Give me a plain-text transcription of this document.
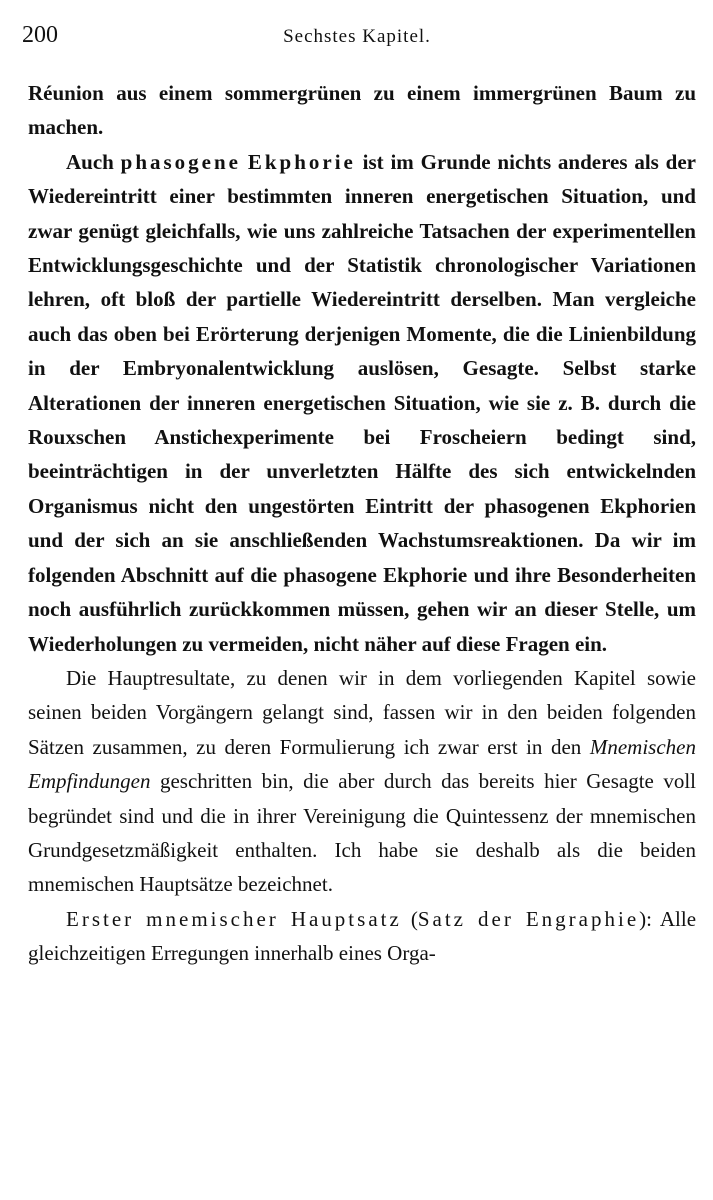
200	Sechstes Kapitel.

Réunion aus einem sommergrünen zu einem immergrünen Baum zu machen.

Auch phasogene Ekphorie ist im Grunde nichts anderes als der Wiedereintritt einer bestimmten inneren energetischen Situation, und zwar genügt gleichfalls, wie uns zahlreiche Tatsachen der experimentellen Entwicklungsgeschichte und der Statistik chronologischer Variationen lehren, oft bloß der partielle Wiedereintritt derselben. Man vergleiche auch das oben bei Erörterung derjenigen Momente, die die Linienbildung in der Embryonalentwicklung auslösen, Gesagte. Selbst starke Alterationen der inneren energetischen Situation, wie sie z. B. durch die Rouxschen Anstichexperimente bei Froscheiern bedingt sind, beeinträchtigen in der unverletzten Hälfte des sich entwickelnden Organismus nicht den ungestörten Eintritt der phasogenen Ekphorien und der sich an sie anschließenden Wachstumsreaktionen. Da wir im folgenden Abschnitt auf die phasogene Ekphorie und ihre Besonderheiten noch ausführlich zurückkommen müssen, gehen wir an dieser Stelle, um Wiederholungen zu vermeiden, nicht näher auf diese Fragen ein.

Die Hauptresultate, zu denen wir in dem vorliegenden Kapitel sowie seinen beiden Vorgängern gelangt sind, fassen wir in den beiden folgenden Sätzen zusammen, zu deren Formulierung ich zwar erst in den Mnemischen Empfindungen geschritten bin, die aber durch das bereits hier Gesagte voll begründet sind und die in ihrer Vereinigung die Quintessenz der mnemischen Grundgesetzmäßigkeit enthalten. Ich habe sie deshalb als die beiden mnemischen Hauptsätze bezeichnet.

Erster mnemischer Hauptsatz (Satz der Engraphie): Alle gleichzeitigen Erregungen innerhalb eines Orga-
